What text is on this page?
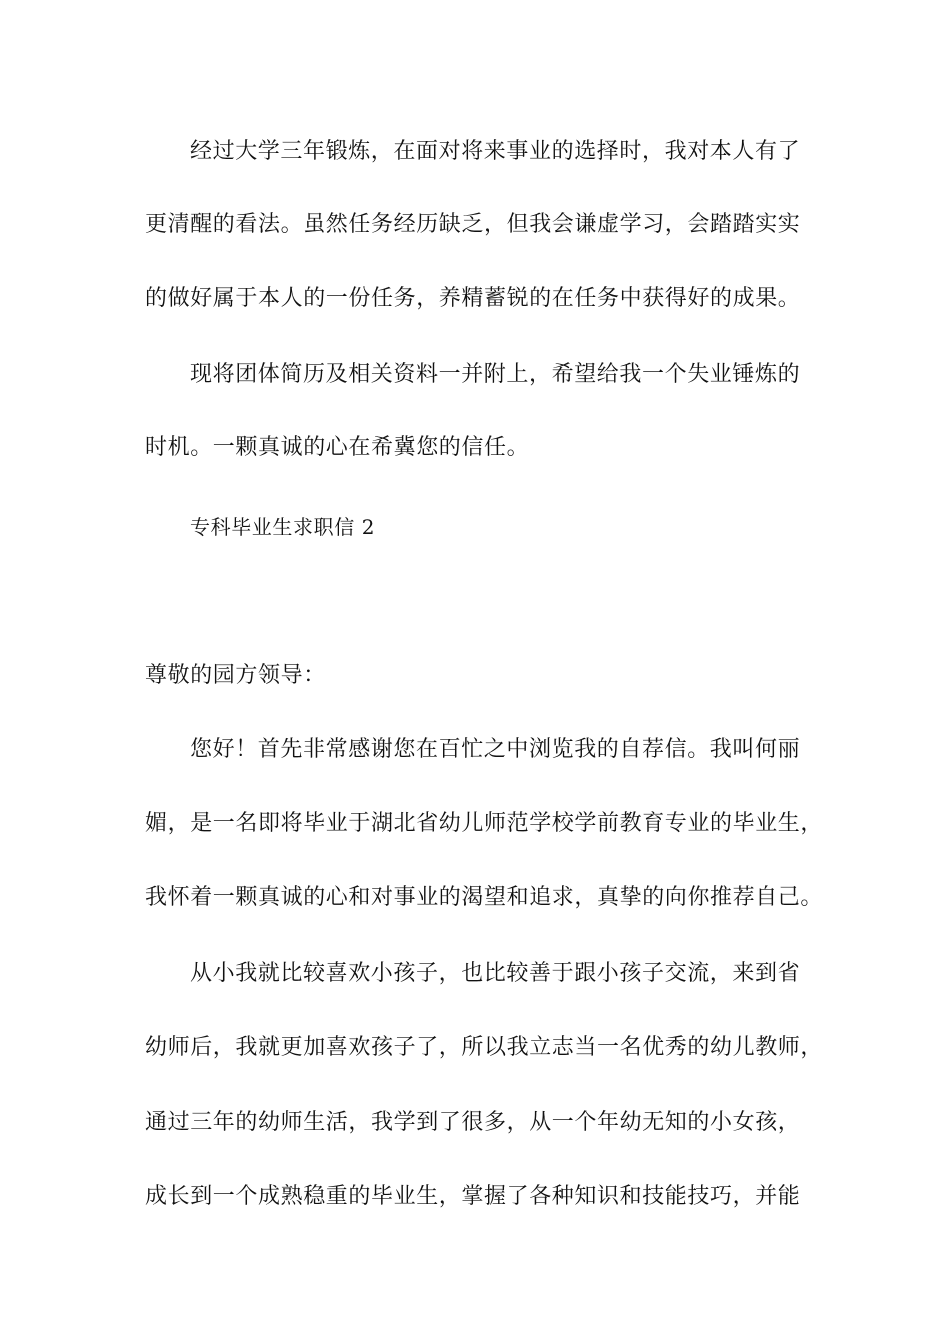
经过大学三年锻炼，在面对将来事业的选择时，我对本人有了
更清醒的看法。虽然任务经历缺乏，但我会谦虚学习，会踏踏实实
的做好属于本人的一份任务，养精蓄锐的在任务中获得好的成果。
现将团体简历及相关资料一并附上，希望给我一个失业锤炼的
时机。一颗真诚的心在希冀您的信任。
专科毕业生求职信 2
尊敬的园方领导：
您好！首先非常感谢您在百忙之中浏览我的自荐信。我叫何丽
媚，是一名即将毕业于湖北省幼儿师范学校学前教育专业的毕业生，
我怀着一颗真诚的心和对事业的渴望和追求，真挚的向你推荐自己。
从小我就比较喜欢小孩子，也比较善于跟小孩子交流，来到省
幼师后，我就更加喜欢孩子了，所以我立志当一名优秀的幼儿教师，
通过三年的幼师生活，我学到了很多，从一个年幼无知的小女孩，
成长到一个成熟稳重的毕业生，掌握了各种知识和技能技巧，并能
